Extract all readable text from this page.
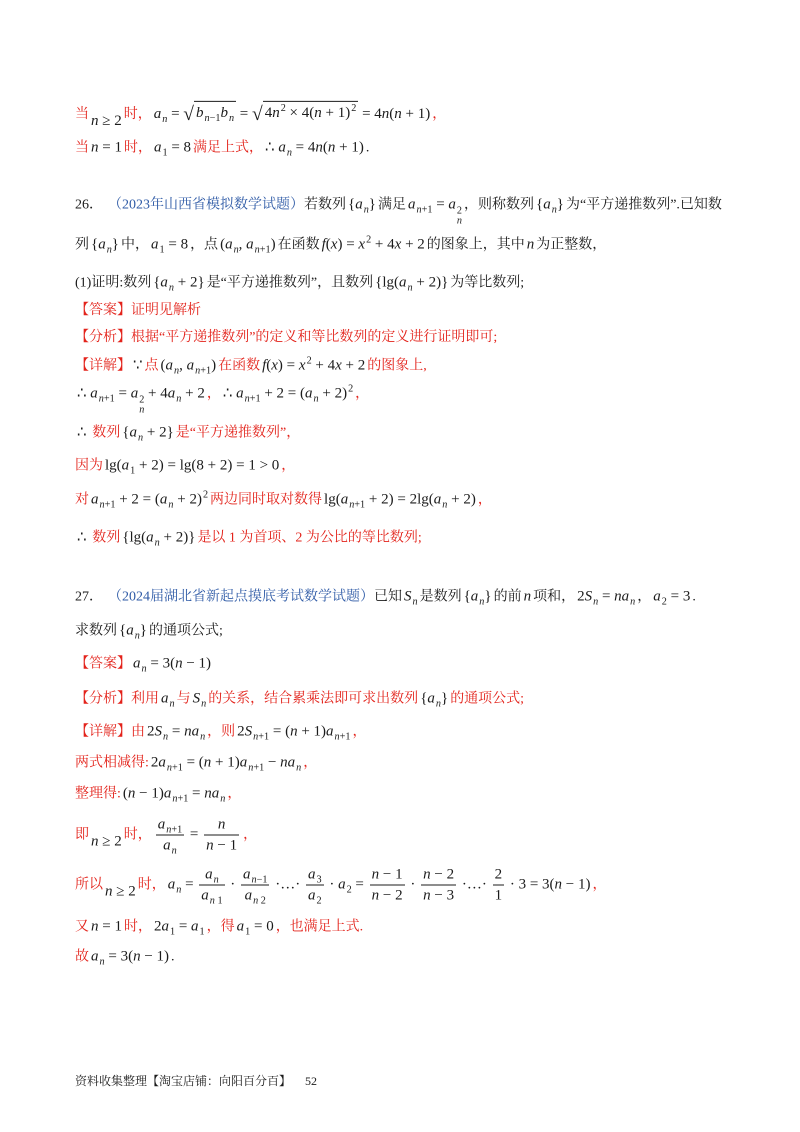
当 n ≥ 2 时， $a_n$ = √ $b_{n-1}b_n$ = √ $4n^2 \times 4(n + 1)^2 = 4n(n + 1)$ ，
当 n = 1 时， $a_1 = 8$ 满足上式， ∴ $a_n = 4n(n + 1)$ .
26． （2023年山西省模拟数学试题）若数列 $\{a_n\}$ 满足 $a_{n+1} = a$ 2
n
，则称数列 $\{a_n\}$ 为“平方递推数列”.已知数
列 $\{a_n\}$ 中， $a_1 = 8$ ，点 ($a_n$, $a_{n+1}$) 在函数 $f(x) = x^2 + 4x + 2$ 的图象上，其中 n 为正整数，
(1)证明:数列 $\{a_n + 2\}$ 是“平方递推数列”，且数列 $\{\lg(a_n + 2)\}$ 为等比数列;
【答案】证明见解析
【分析】根据“平方递推数列”的定义和等比数列的定义进行证明即可;
【详解】 ∵ 点 ($a_n$, $a_{n+1}$) 在函数 $f(x) = x^2 + 4x + 2$ 的图象上,
∴ $a_{n+1} = a$ 2
n
+ $4a_n + 2$ ， ∴ $a_{n+1} + 2 = (a_n + 2)^2$ ，
∴ 数列 $\{a_n + 2\}$ 是“平方递推数列”，
因为 $\lg(a_1 + 2) = \lg(8 + 2) = 1 > 0$ ，
对 $a_{n+1} + 2 = (a_n + 2)^2$ 两边同时取对数得 $\lg(a_{n+1} + 2) = 2\lg(a_n + 2)$ ，
∴ 数列 $\{\lg(a_n + 2)\}$ 是以 1 为首项、2 为公比的等比数列;
27． （2024届湖北省新起点摸底考试数学试题）已知 $S_n$ 是数列 $\{a_n\}$ 的前 n 项和， $2S_n = na_n$ ， $a_2 = 3$ .
求数列 $\{a_n\}$ 的通项公式;
【答案】 $a_n = 3(n - 1)$
【分析】利用 $a_n$ 与 $S_n$ 的关系，结合累乘法即可求出数列 $\{a_n\}$ 的通项公式;
【详解】由 $2S_n = na_n$ ，则 $2S_{n+1} = (n + 1)a_{n+1}$ ，
两式相减得: $2a_{n+1} = (n + 1)a_{n+1} - na_n$ ，
整理得: $(n - 1)a_{n+1} = na_n$ ，
即 n ≥ 2 时， $\frac{a_{n+1}}{a_n} = \frac{n}{n - 1}$ ，
所以 n ≥ 2 时， $a_n = \frac{a_n}{a_{n 1}} \cdot \frac{a_{n-1}}{a_{n 2}}$ ·…· $\frac{a_3}{a_2} \cdot a_2 = \frac{n - 1}{n - 2} \cdot \frac{n - 2}{n - 3}$ ·…· $\frac{2}{1} \cdot 3 = 3(n - 1)$ ，
又 n = 1 时， $2a_1 = a_1$ ，得 $a_1 = 0$ ，也满足上式.
故 $a_n = 3(n - 1)$ .
资料收集整理【淘宝店铺：向阳百分百】 52
